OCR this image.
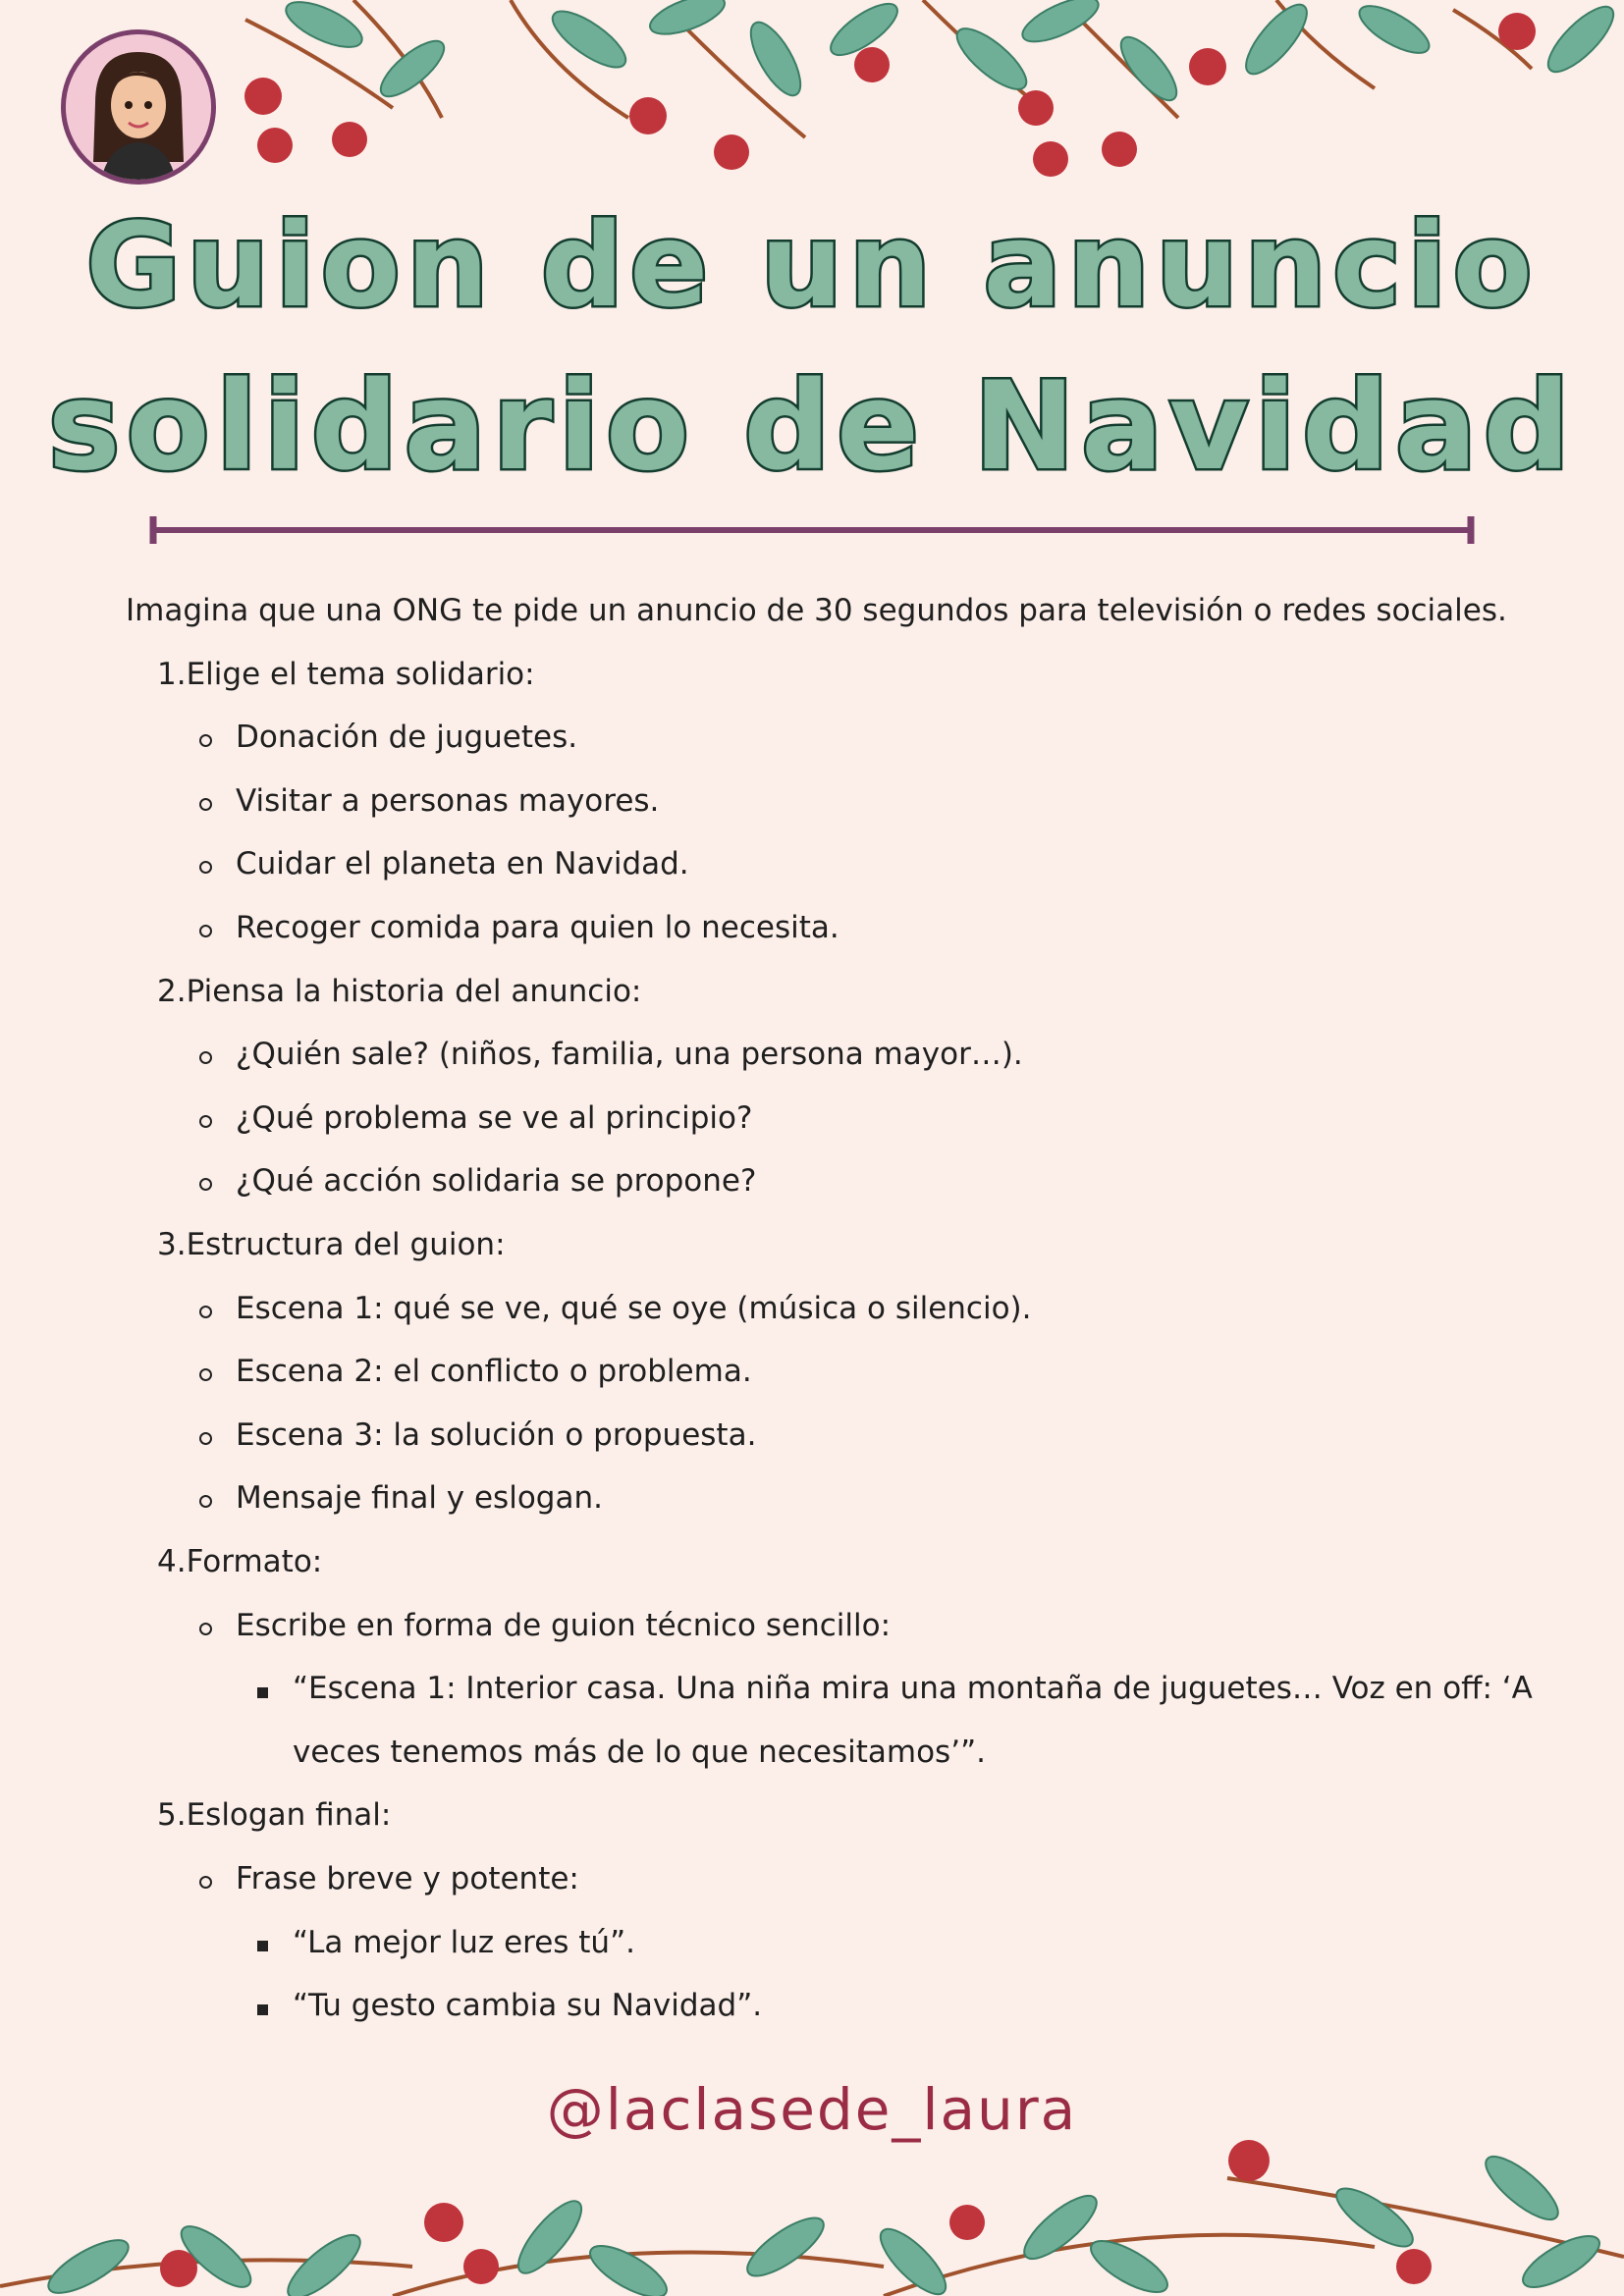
Guion de un anuncio
solidario de Navidad
Imagina que una ONG te pide un anuncio de 30 segundos para televisión o redes sociales.
1.Elige el tema solidario:
Donación de juguetes.
Visitar a personas mayores.
Cuidar el planeta en Navidad.
Recoger comida para quien lo necesita.
2.Piensa la historia del anuncio:
¿Quién sale? (niños, familia, una persona mayor…).
¿Qué problema se ve al principio?
¿Qué acción solidaria se propone?
3.Estructura del guion:
Escena 1: qué se ve, qué se oye (música o silencio).
Escena 2: el conflicto o problema.
Escena 3: la solución o propuesta.
Mensaje final y eslogan.
4.Formato:
Escribe en forma de guion técnico sencillo:
“Escena 1: Interior casa. Una niña mira una montaña de juguetes… Voz en off: ‘A
veces tenemos más de lo que necesitamos’”.
5.Eslogan final:
Frase breve y potente:
“La mejor luz eres tú”.
“Tu gesto cambia su Navidad”.
@laclasede_laura
